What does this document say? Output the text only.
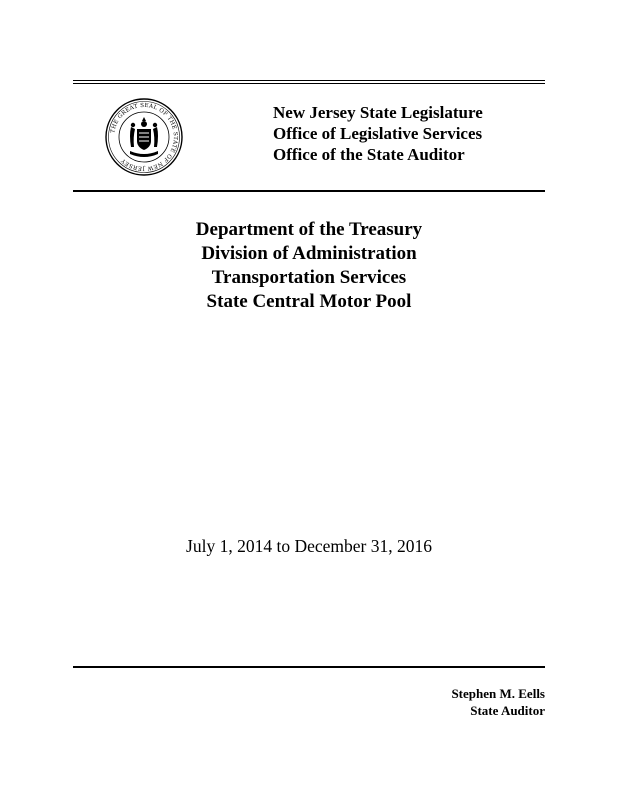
THE GREAT SEAL OF THE STATE OF NEW JERSEY
New Jersey State Legislature
Office of Legislative Services
Office of the State Auditor
Department of the Treasury
Division of Administration
Transportation Services
State Central Motor Pool
July 1, 2014 to December 31, 2016
Stephen M. Eells
State Auditor
